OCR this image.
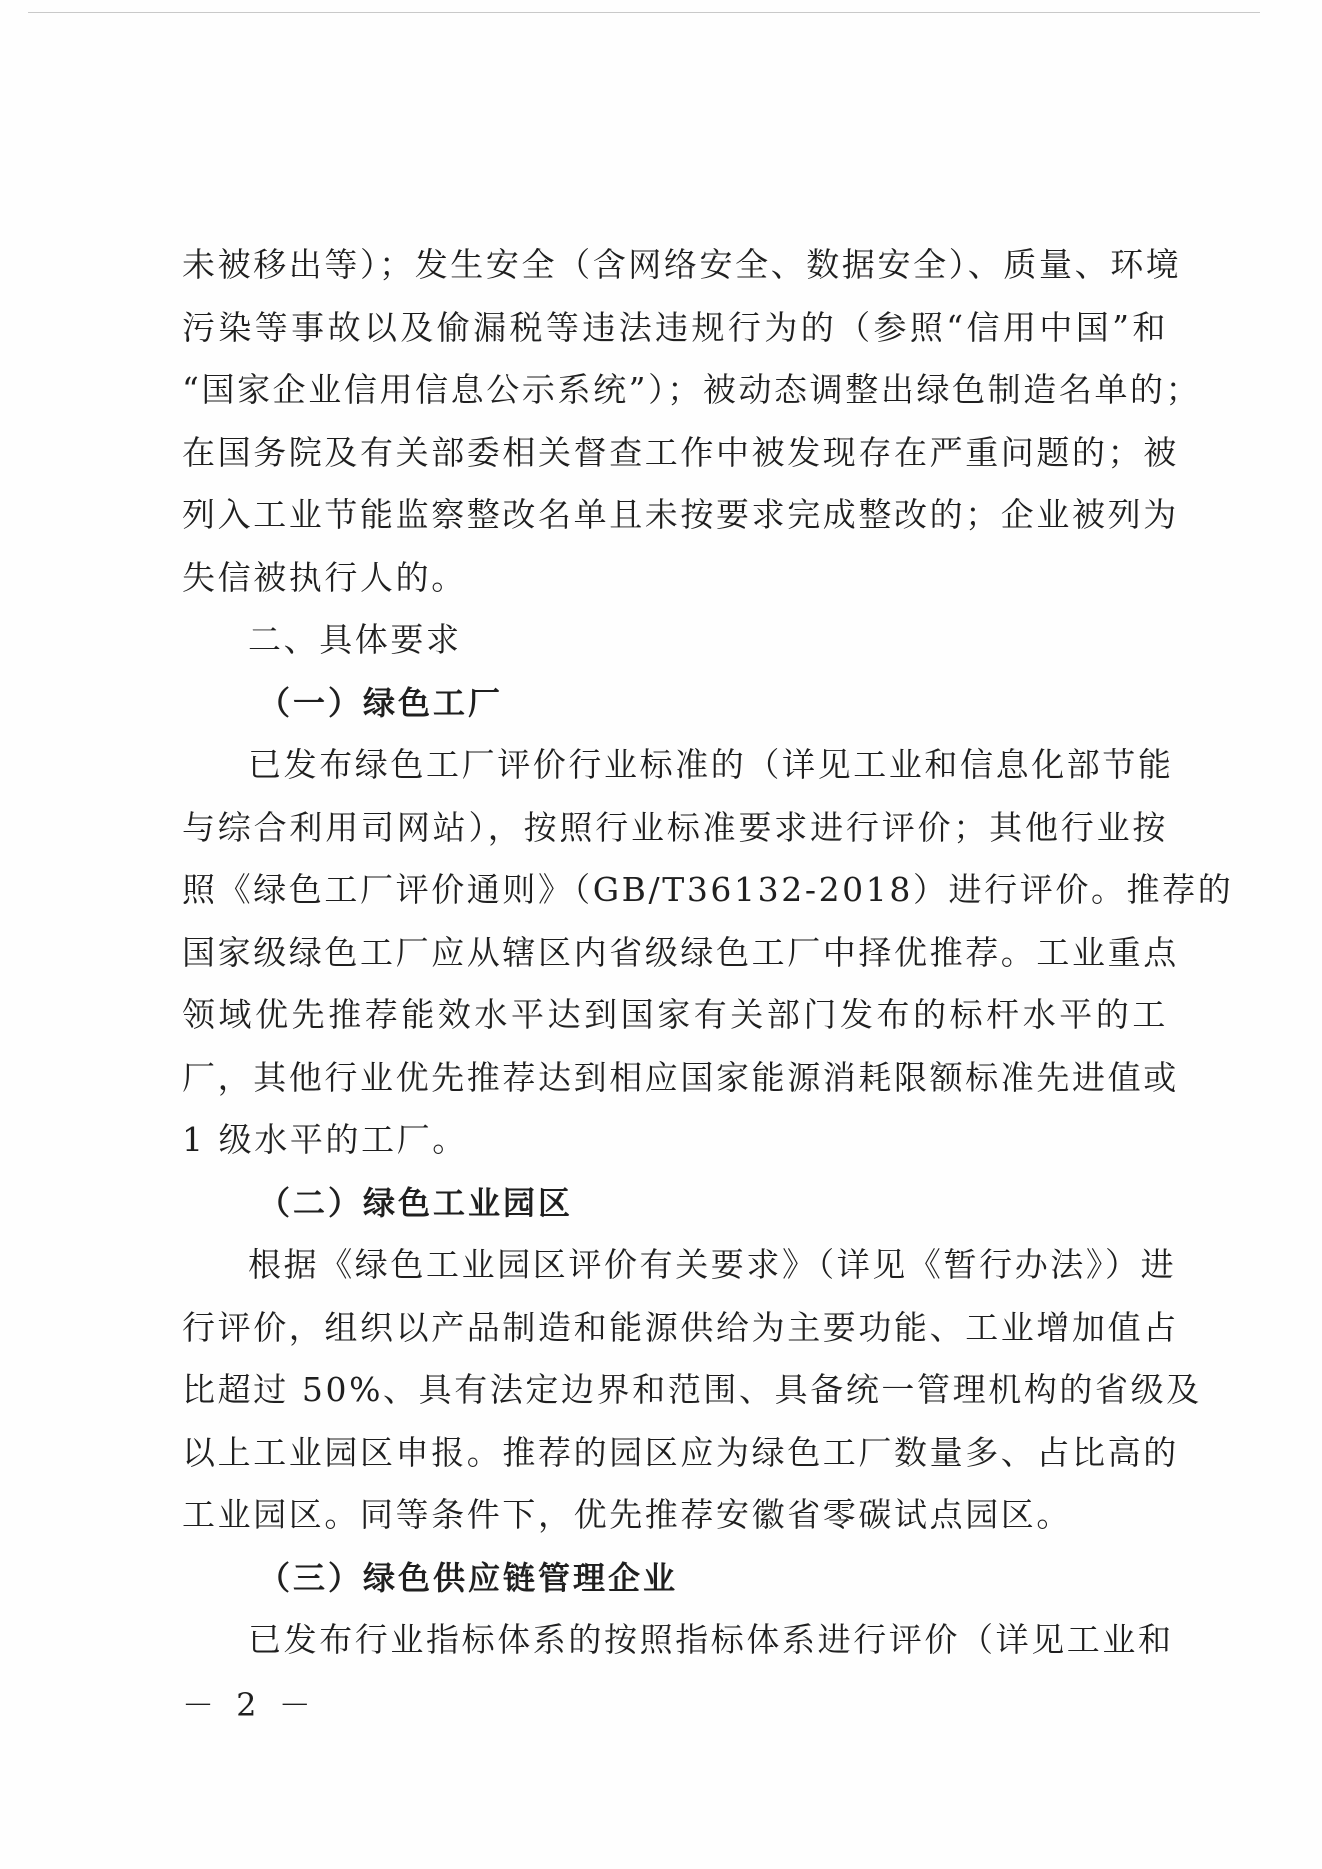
未被移出等）；发生安全（含网络安全、数据安全）、质量、环境
污染等事故以及偷漏税等违法违规行为的（参照“信用中国”和
“国家企业信用信息公示系统”）；被动态调整出绿色制造名单的；
在国务院及有关部委相关督查工作中被发现存在严重问题的；被
列入工业节能监察整改名单且未按要求完成整改的；企业被列为
失信被执行人的。
二、具体要求
（一）绿色工厂
已发布绿色工厂评价行业标准的（详见工业和信息化部节能
与综合利用司网站），按照行业标准要求进行评价；其他行业按
照《绿色工厂评价通则》（GB/T36132-2018）进行评价。推荐的
国家级绿色工厂应从辖区内省级绿色工厂中择优推荐。工业重点
领域优先推荐能效水平达到国家有关部门发布的标杆水平的工
厂，其他行业优先推荐达到相应国家能源消耗限额标准先进值或
1 级水平的工厂。
（二）绿色工业园区
根据《绿色工业园区评价有关要求》（详见《暂行办法》）进
行评价，组织以产品制造和能源供给为主要功能、工业增加值占
比超过 50%、具有法定边界和范围、具备统一管理机构的省级及
以上工业园区申报。推荐的园区应为绿色工厂数量多、占比高的
工业园区。同等条件下，优先推荐安徽省零碳试点园区。
（三）绿色供应链管理企业
已发布行业指标体系的按照指标体系进行评价（详见工业和
－ 2 －
